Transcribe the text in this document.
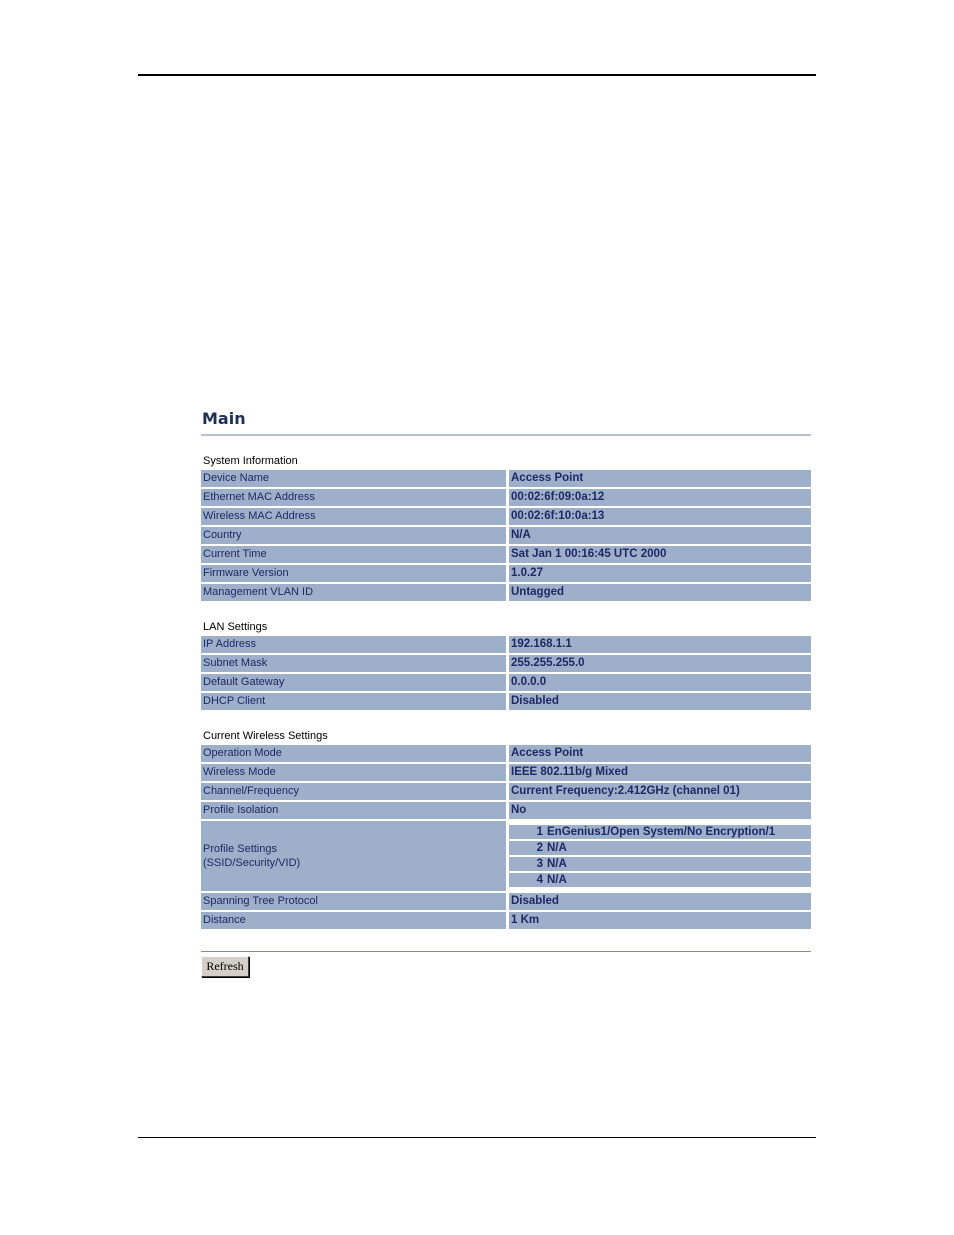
Main
System Information
Device Name	Access Point
Ethernet MAC Address	00:02:6f:09:0a:12
Wireless MAC Address	00:02:6f:10:0a:13
Country	N/A
Current Time	Sat Jan 1 00:16:45 UTC 2000
Firmware Version	1.0.27
Management VLAN ID	Untagged
LAN Settings
IP Address	192.168.1.1
Subnet Mask	255.255.255.0
Default Gateway	0.0.0.0
DHCP Client	Disabled
Current Wireless Settings
Operation Mode	Access Point
Wireless Mode	IEEE 802.11b/g Mixed
Channel/Frequency	Current Frequency:2.412GHz (channel 01)
Profile Isolation	No

Profile Settings
(SSID/Security/VID)

1	EnGenius1/Open System/No Encryption/1
2	N/A
3	N/A
4	N/A

Spanning Tree Protocol	Disabled
Distance	1 Km
Refresh
